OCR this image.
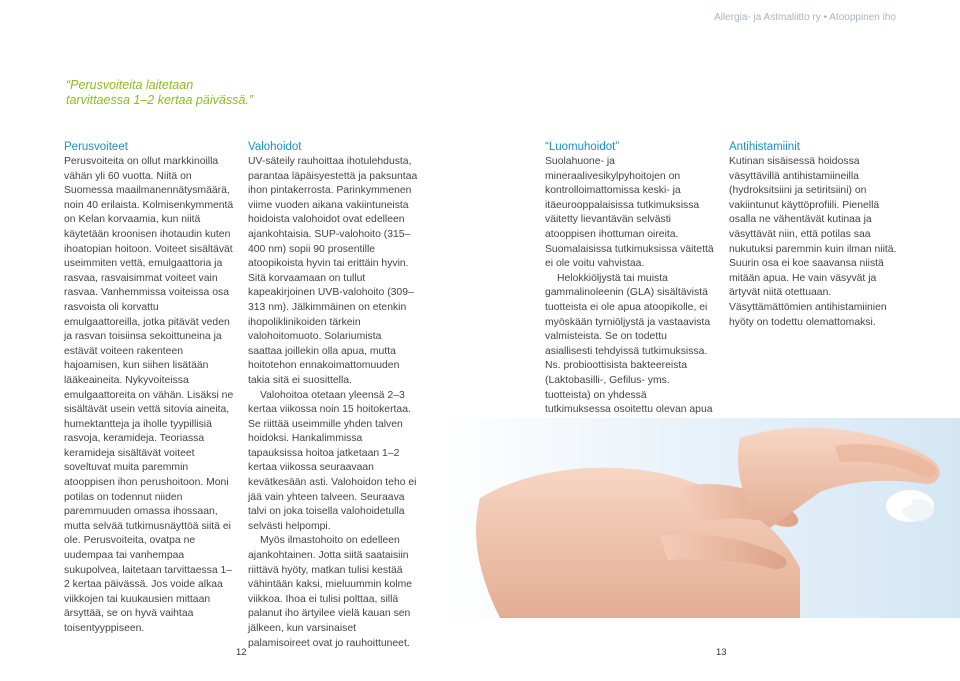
Allergia- ja Astmaliitto ry • Atooppinen iho
“Perusvoiteita laitetaan
tarvittaessa 1–2 kertaa päivässä.”
Perusvoiteet

Perusvoiteita on ollut markkinoilla vähän yli 60 vuotta. Niitä on Suomessa maailmanennätysmäärä, noin 40 erilaista. Kolmisenkymmentä on Kelan korvaamia, kun niitä käytetään kroonisen ihotaudin kuten ihoatopian hoitoon. Voiteet sisältävät useimmiten vettä, emulgaattoria ja rasvaa, rasvaisimmat voiteet vain rasvaa. Vanhemmissa voiteissa osa rasvoista oli korvattu emulgaattoreilla, jotka pitävät veden ja rasvan toisiinsa sekoittuneina ja estävät voiteen rakenteen hajoamisen, kun siihen lisätään lääkeaineita. Nykyvoiteissa emulgaattoreita on vähän. Lisäksi ne sisältävät usein vettä sitovia aineita, humektantteja ja iholle tyypillisiä rasvoja, keramideja. Teoriassa keramideja sisältävät voiteet soveltuvat muita paremmin atooppisen ihon perushoitoon. Moni potilas on todennut niiden paremmuuden omassa ihossaan, mutta selvää tutkimusnäyttöä siitä ei ole. Perusvoiteita, ovatpa ne uudempaa tai vanhempaa sukupolvea, laitetaan tarvittaessa 1–2 kertaa päivässä. Jos voide alkaa viikkojen tai kuukausien mittaan ärsyttää, se on hyvä vaihtaa toisentyyppiseen.

Valohoidot

UV-säteily rauhoittaa ihotulehdusta, parantaa läpäisyestettä ja paksuntaa ihon pintakerrosta. Parinkymmenen viime vuoden aikana vakiintuneista hoidoista valohoidot ovat edelleen ajankohtaisia. SUP-valohoito (315–400 nm) sopii 90 prosentille atoopikoista hyvin tai erittäin hyvin. Sitä korvaamaan on tullut kapeakirjoinen UVB-valohoito (309–313 nm). Jälkimmäinen on etenkin ihopoliklinikoiden tärkein valohoitomuoto. Solariumista saattaa joillekin olla apua, mutta hoitotehon ennakoimattomuuden takia sitä ei suosittella.

Valohoitoa otetaan yleensä 2–3 kertaa viikossa noin 15 hoitokertaa. Se riittää useimmille yhden talven hoidoksi. Hankalimmissa tapauksissa hoitoa jatketaan 1–2 kertaa viikossa seuraavaan kevätkesään asti. Valohoidon teho ei jää vain yhteen talveen. Seuraava talvi on joka toisella valohoidetulla selvästi helpompi.

Myös ilmastohoito on edelleen ajankohtainen. Jotta siitä saataisiin riittävä hyöty, matkan tulisi kestää vähintään kaksi, mieluummin kolme viikkoa. Ihoa ei tulisi polttaa, sillä palanut iho ärtyilee vielä kauan sen jälkeen, kun varsinaiset palamisoireet ovat jo rauhoittuneet.

“Luomuhoidot”

Suolahuone- ja mineraalivesikylpyhoitojen on kontrolloimattomissa keski- ja itäeurooppalaisissa tutkimuksissa väitetty lievantävän selvästi atooppisen ihottuman oireita. Suomalaisissa tutkimuksissa väitettä ei ole voitu vahvistaa.

Helokkiöljystä tai muista gammalinoleenin (GLA) sisältävistä tuotteista ei ole apua atoopikolle, ei myöskään tyrniöljystä ja vastaavista valmisteista. Se on todettu asiallisesti tehdyissä tutkimuksissa. Ns. probioottisista bakteereista (Laktobasilli-, Gefilus- yms. tuotteista) on yhdessä tutkimuksessa osoitettu olevan apua

Antihistamiinit

Kutinan sisäisessä hoidossa väsyttävillä antihistamiineilla (hydroksitsiini ja setiritsiini) on vakiintunut käyttöprofiili. Pienellä osalla ne vähentävät kutinaa ja väsyttävät niin, että potilas saa nukutuksi paremmin kuin ilman niitä. Suurin osa ei koe saavansa niistä mitään apua. He vain väsyvät ja ärtyvät niitä otettuaan. Väsyttämättömien antihistamiinien hyöty on todettu olemattomaksi.

12	13
